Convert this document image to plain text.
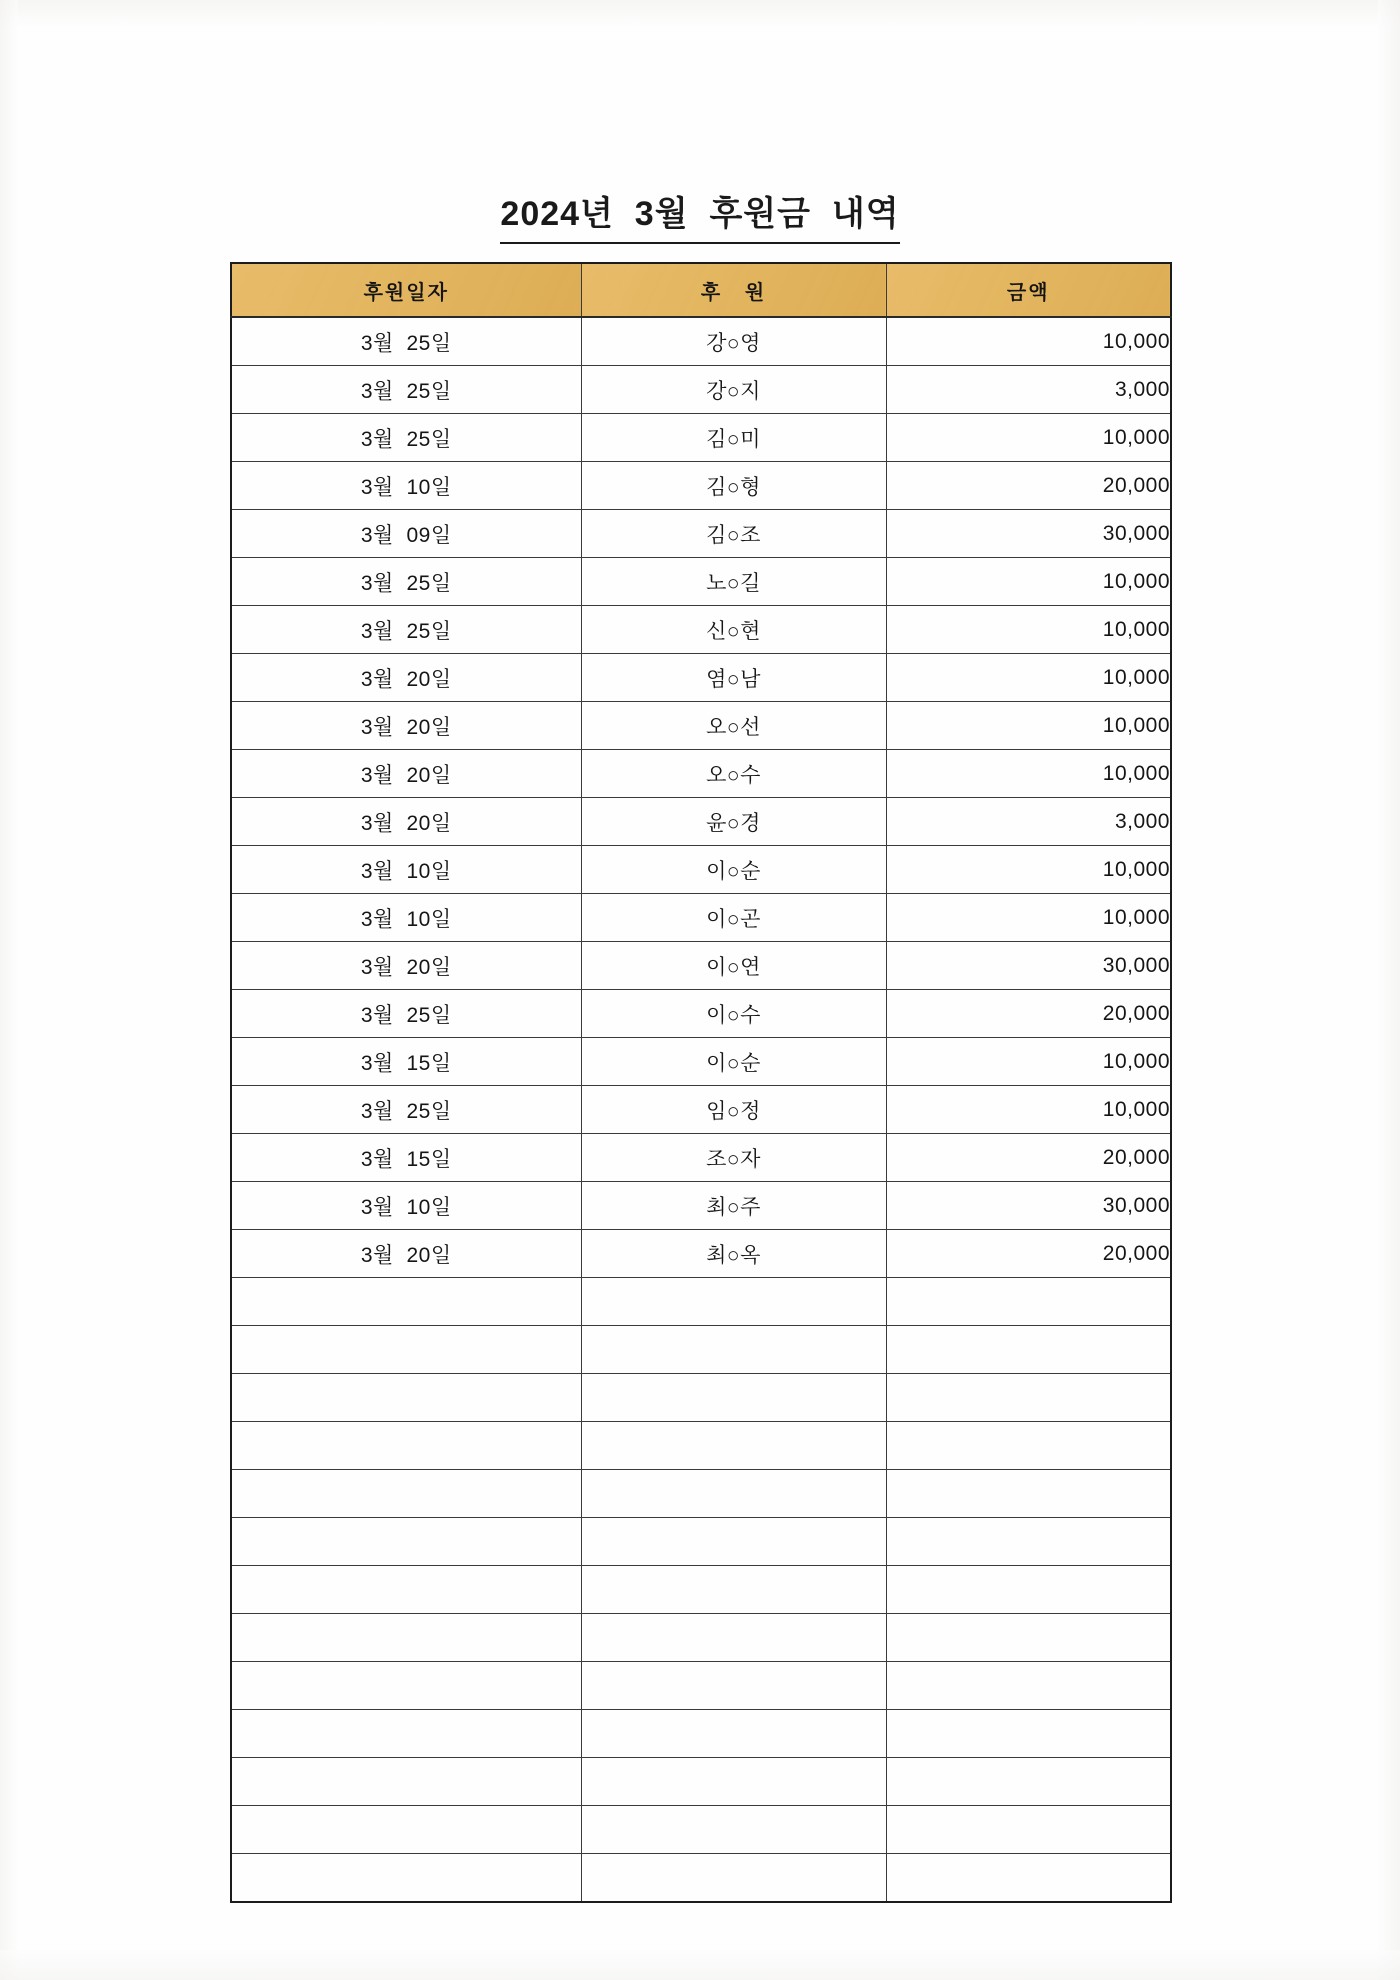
2024년  3월  후원금  내역
후원일자	후   원	금액
3월  25일	강○영	10,000
3월  25일	강○지	3,000
3월  25일	김○미	10,000
3월  10일	김○형	20,000
3월  09일	김○조	30,000
3월  25일	노○길	10,000
3월  25일	신○현	10,000
3월  20일	염○남	10,000
3월  20일	오○선	10,000
3월  20일	오○수	10,000
3월  20일	윤○경	3,000
3월  10일	이○순	10,000
3월  10일	이○곤	10,000
3월  20일	이○연	30,000
3월  25일	이○수	20,000
3월  15일	이○순	10,000
3월  25일	임○정	10,000
3월  15일	조○자	20,000
3월  10일	최○주	30,000
3월  20일	최○옥	20,000
